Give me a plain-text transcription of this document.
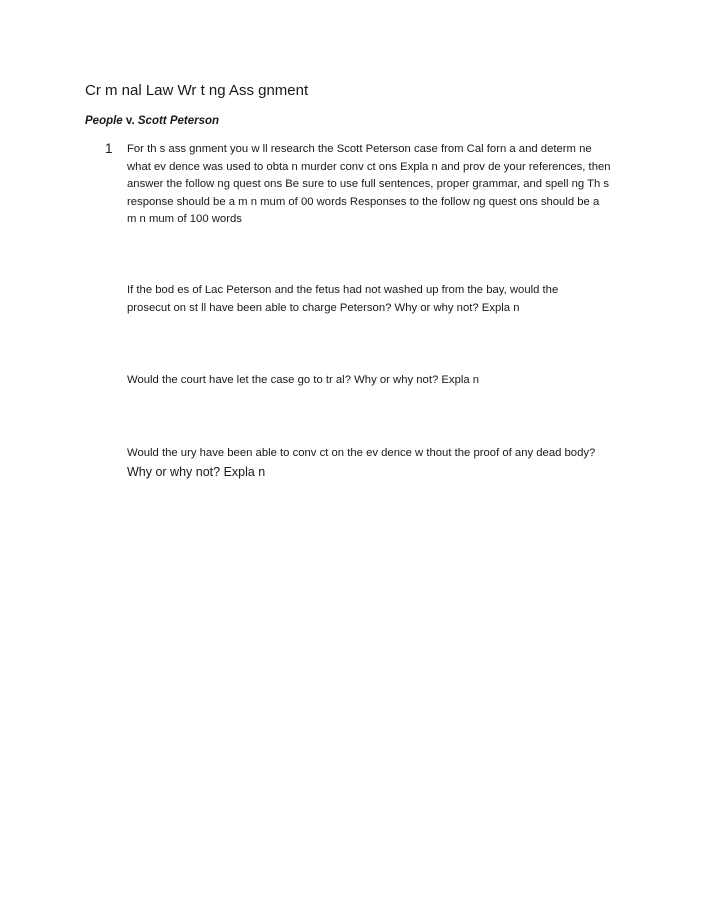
Cr m nal Law Wr t ng Ass gnment
People v. Scott Peterson
1 For th s ass gnment you w ll research the Scott Peterson case from Cal forn a and determ ne
what ev dence was used to obta n murder conv ct ons Expla n and prov de your references, then
answer the follow ng quest ons Be sure to use full sentences, proper grammar, and spell ng Th s
response should be a m n mum of 00 words Responses to the follow ng quest ons should be a
m n mum of 100 words
If the bod es of Lac Peterson and the fetus had not washed up from the bay, would the
prosecut on st ll have been able to charge Peterson? Why or why not? Expla n
Would the court have let the case go to tr al? Why or why not? Expla n
Would the ury have been able to conv ct on the ev dence w thout the proof of any dead body?
Why or why not? Expla n
